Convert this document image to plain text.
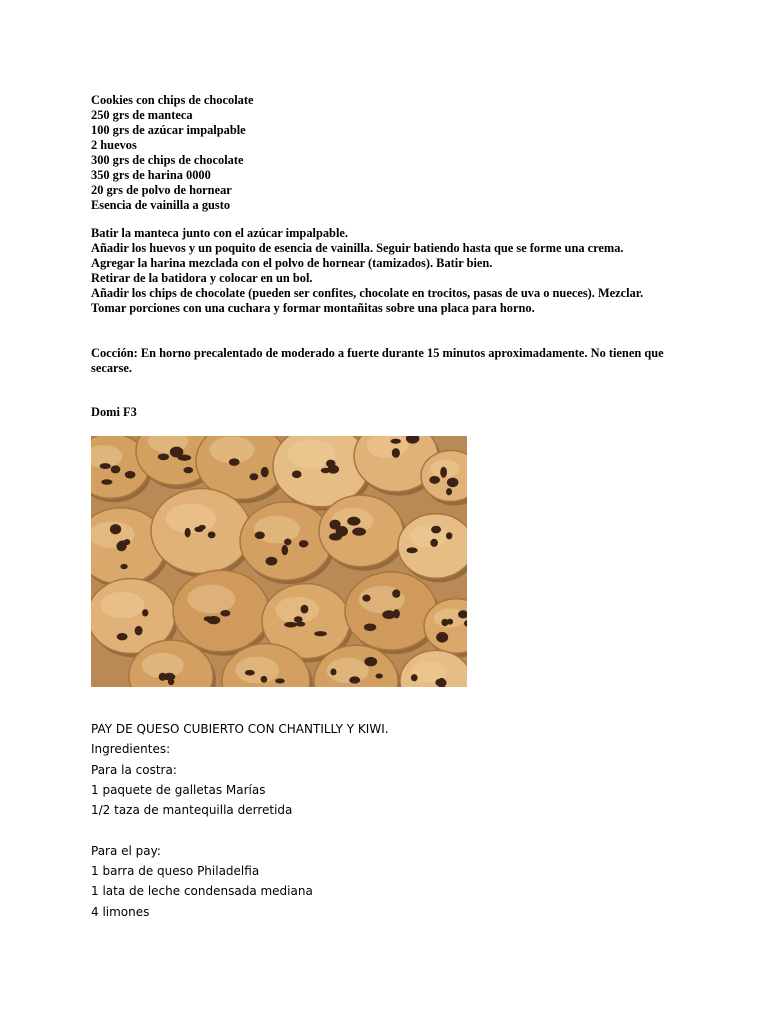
Cookies con chips de chocolate
250 grs de manteca
100 grs de azúcar impalpable
2 huevos
300 grs de chips de chocolate
350 grs de harina 0000
20 grs de polvo de hornear
Esencia de vainilla a gusto
Batir la manteca junto con el azúcar impalpable.
Añadir los huevos y un poquito de esencia de vainilla. Seguir batiendo hasta que se forme una crema.
Agregar la harina mezclada con el polvo de hornear (tamizados). Batir bien.
Retirar de la batidora y colocar en un bol.
Añadir los chips de chocolate (pueden ser confites, chocolate en trocitos, pasas de uva o nueces). Mezclar.
Tomar porciones con una cuchara y formar montañitas sobre una placa para horno.
Cocción: En horno precalentado de moderado a fuerte durante 15 minutos aproximadamente. No tienen que secarse.
Domi F3
PAY DE QUESO CUBIERTO CON CHANTILLY Y KIWI.
Ingredientes:
Para la costra:
1 paquete de galletas Marías
1/2 taza de mantequilla derretida
Para el pay:
1 barra de queso Philadelfia
1 lata de leche condensada mediana
4 limones
